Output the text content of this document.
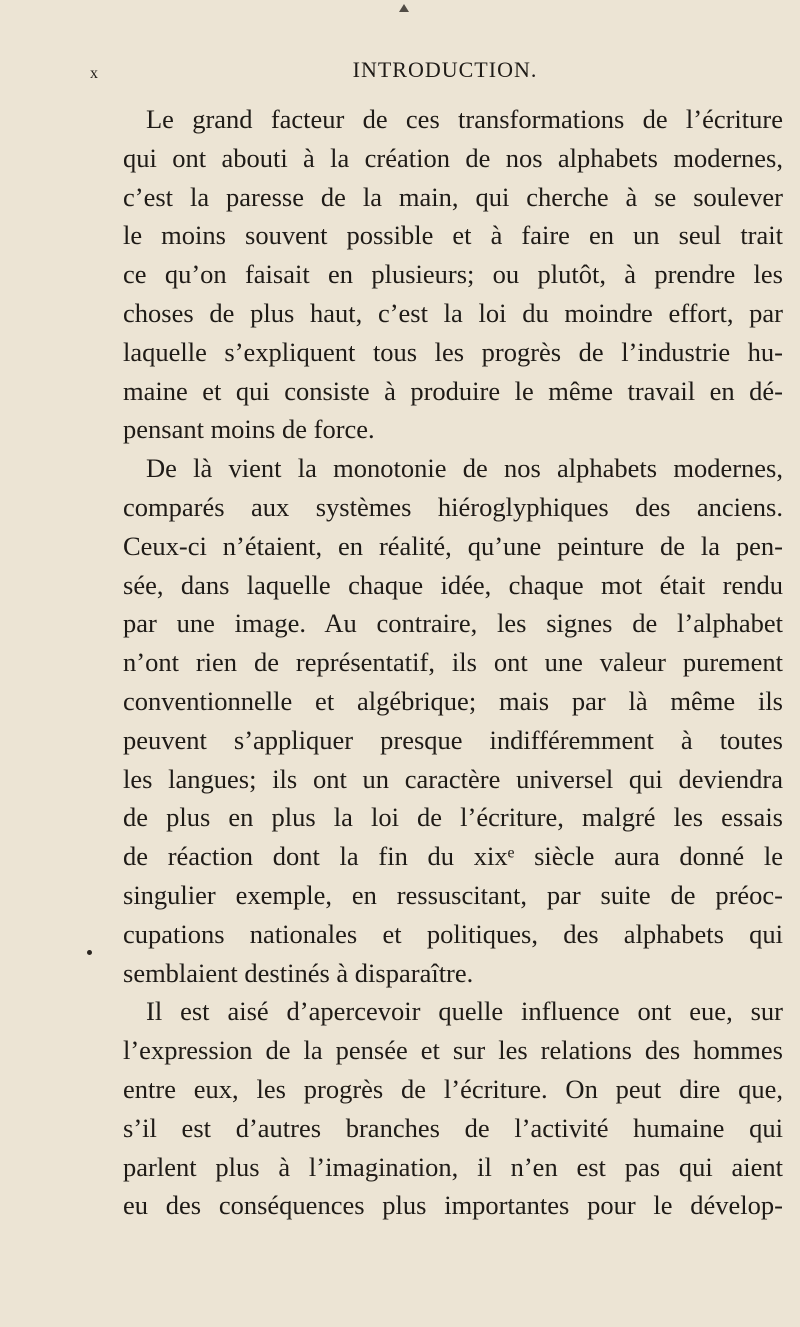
x	INTRODUCTION.
Le grand facteur de ces transformations de l’écriture
qui ont abouti à la création de nos alphabets modernes,
c’est la paresse de la main, qui cherche à se soulever
le moins souvent possible et à faire en un seul trait
ce qu’on faisait en plusieurs; ou plutôt, à prendre les
choses de plus haut, c’est la loi du moindre effort, par
laquelle s’expliquent tous les progrès de l’industrie hu-
maine et qui consiste à produire le même travail en dé-
pensant moins de force.
De là vient la monotonie de nos alphabets modernes,
comparés aux systèmes hiéroglyphiques des anciens.
Ceux-ci n’étaient, en réalité, qu’une peinture de la pen-
sée, dans laquelle chaque idée, chaque mot était rendu
par une image. Au contraire, les signes de l’alphabet
n’ont rien de représentatif, ils ont une valeur purement
conventionnelle et algébrique; mais par là même ils
peuvent s’appliquer presque indifféremment à toutes
les langues; ils ont un caractère universel qui deviendra
de plus en plus la loi de l’écriture, malgré les essais
de réaction dont la fin du xixᵉ siècle aura donné le
singulier exemple, en ressuscitant, par suite de préoc-
cupations nationales et politiques, des alphabets qui
semblaient destinés à disparaître.
Il est aisé d’apercevoir quelle influence ont eue, sur
l’expression de la pensée et sur les relations des hommes
entre eux, les progrès de l’écriture. On peut dire que,
s’il est d’autres branches de l’activité humaine qui
parlent plus à l’imagination, il n’en est pas qui aient
eu des conséquences plus importantes pour le dévelop-
